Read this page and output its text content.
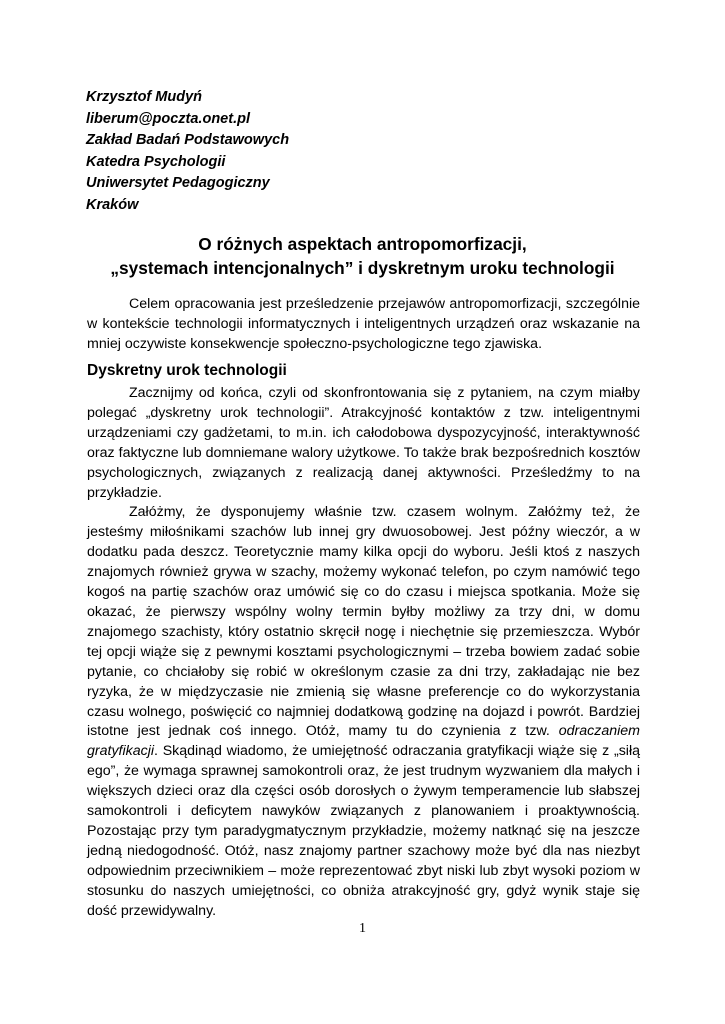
Krzysztof Mudyń
liberum@poczta.onet.pl
Zakład Badań Podstawowych
Katedra Psychologii
Uniwersytet Pedagogiczny
Kraków
O różnych aspektach antropomorfizacji,
„systemach intencjonalnych” i dyskretnym uroku technologii

Celem opracowania jest prześledzenie przejawów antropomorfizacji, szczególnie w kontekście technologii informatycznych i inteligentnych urządzeń oraz wskazanie na mniej oczywiste konsekwencje społeczno-psychologiczne tego zjawiska.

Dyskretny urok technologii

Zacznijmy od końca, czyli od skonfrontowania się z pytaniem, na czym miałby polegać „dyskretny urok technologii”. Atrakcyjność kontaktów z tzw. inteligentnymi urządzeniami czy gadżetami, to m.in. ich całodobowa dyspozycyjność, interaktywność oraz faktyczne lub domniemane walory użytkowe. To także brak bezpośrednich kosztów psychologicznych, związanych z realizacją danej aktywności. Prześledźmy to na przykładzie.

Załóżmy, że dysponujemy właśnie tzw. czasem wolnym. Załóżmy też, że jesteśmy miłośnikami szachów lub innej gry dwuosobowej. Jest późny wieczór, a w dodatku pada deszcz. Teoretycznie mamy kilka opcji do wyboru. Jeśli ktoś z naszych znajomych również grywa w szachy, możemy wykonać telefon, po czym namówić tego kogoś na partię szachów oraz umówić się co do czasu i miejsca spotkania. Może się okazać, że pierwszy wspólny wolny termin byłby możliwy za trzy dni, w domu znajomego szachisty, który ostatnio skręcił nogę i niechętnie się przemieszcza. Wybór tej opcji wiąże się z pewnymi kosztami psychologicznymi – trzeba bowiem zadać sobie pytanie, co chciałoby się robić w określonym czasie za dni trzy, zakładając nie bez ryzyka, że w międzyczasie nie zmienią się własne preferencje co do wykorzystania czasu wolnego, poświęcić co najmniej dodatkową godzinę na dojazd i powrót. Bardziej istotne jest jednak coś innego. Otóż, mamy tu do czynienia z tzw. odraczaniem gratyfikacji. Skądinąd wiadomo, że umiejętność odraczania gratyfikacji wiąże się z „siłą ego”, że wymaga sprawnej samokontroli oraz, że jest trudnym wyzwaniem dla małych i większych dzieci oraz dla części osób dorosłych o żywym temperamencie lub słabszej samokontroli i deficytem nawyków związanych z planowaniem i proaktywnością. Pozostając przy tym paradygmatycznym przykładzie, możemy natknąć się na jeszcze jedną niedogodność. Otóż, nasz znajomy partner szachowy może być dla nas niezbyt odpowiednim przeciwnikiem – może reprezentować zbyt niski lub zbyt wysoki poziom w stosunku do naszych umiejętności, co obniża atrakcyjność gry, gdyż wynik staje się dość przewidywalny.

1
